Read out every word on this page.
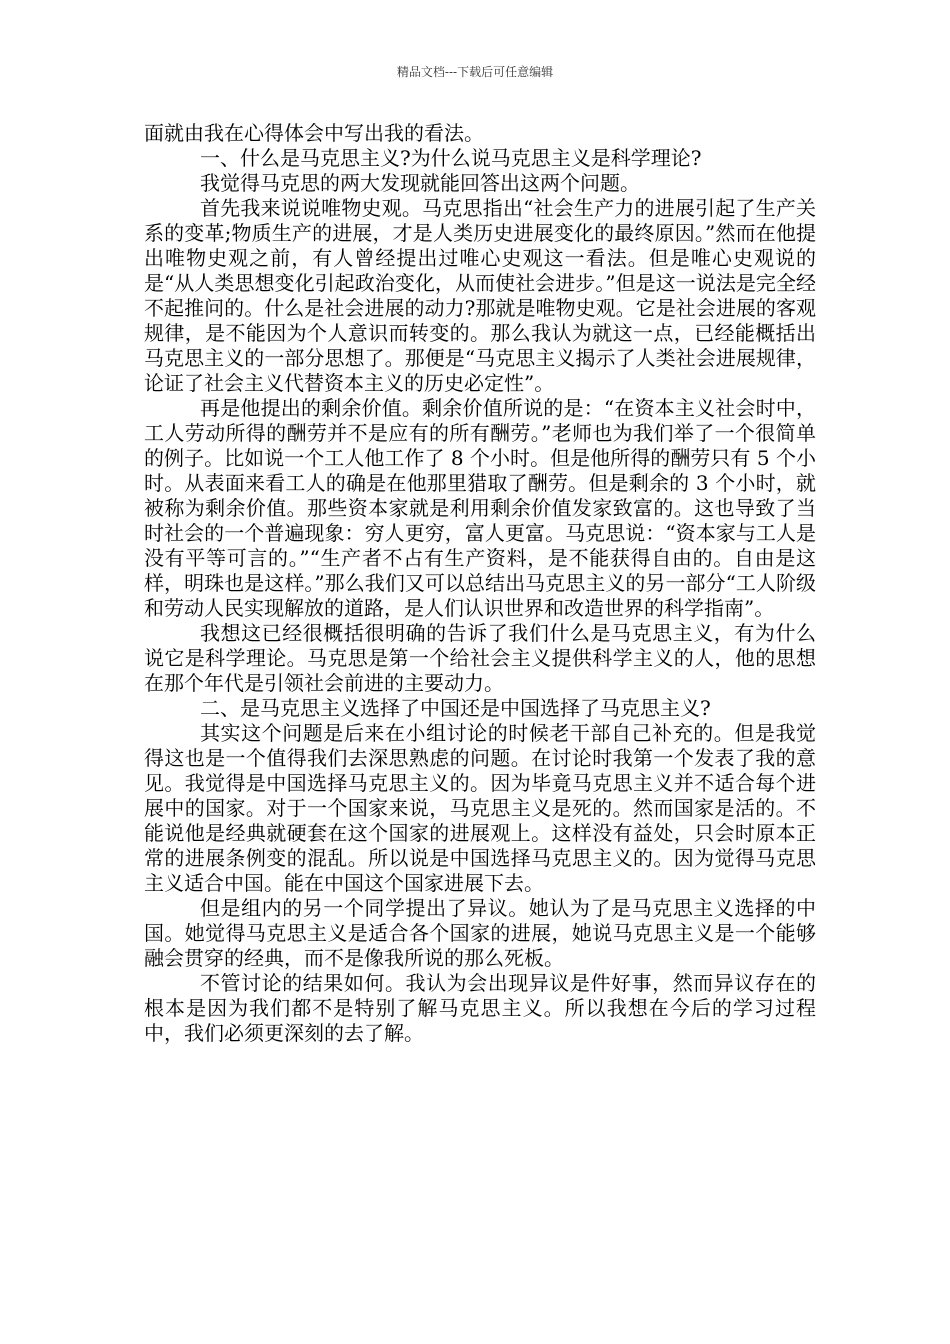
精品文档---下载后可任意编辑

面就由我在心得体会中写出我的看法。

一、什么是马克思主义?为什么说马克思主义是科学理论?

我觉得马克思的两大发现就能回答出这两个问题。

首先我来说说唯物史观。马克思指出“社会生产力的进展引起了生产关系的变革;物质生产的进展，才是人类历史进展变化的最终原因。”然而在他提出唯物史观之前，有人曾经提出过唯心史观这一看法。但是唯心史观说的是“从人类思想变化引起政治变化，从而使社会进步。”但是这一说法是完全经不起推问的。什么是社会进展的动力?那就是唯物史观。它是社会进展的客观规律，是不能因为个人意识而转变的。那么我认为就这一点，已经能概括出马克思主义的一部分思想了。那便是“马克思主义揭示了人类社会进展规律，论证了社会主义代替资本主义的历史必定性”。

再是他提出的剩余价值。剩余价值所说的是：“在资本主义社会时中，工人劳动所得的酬劳并不是应有的所有酬劳。”老师也为我们举了一个很简单的例子。比如说一个工人他工作了 8 个小时。但是他所得的酬劳只有 5 个小时。从表面来看工人的确是在他那里猎取了酬劳。但是剩余的 3 个小时，就被称为剩余价值。那些资本家就是利用剩余价值发家致富的。这也导致了当时社会的一个普遍现象：穷人更穷，富人更富。马克思说：“资本家与工人是没有平等可言的。”“生产者不占有生产资料，是不能获得自由的。自由是这样，明珠也是这样。”那么我们又可以总结出马克思主义的另一部分“工人阶级和劳动人民实现解放的道路，是人们认识世界和改造世界的科学指南”。

我想这已经很概括很明确的告诉了我们什么是马克思主义，有为什么说它是科学理论。马克思是第一个给社会主义提供科学主义的人，他的思想在那个年代是引领社会前进的主要动力。

二、是马克思主义选择了中国还是中国选择了马克思主义?

其实这个问题是后来在小组讨论的时候老干部自己补充的。但是我觉得这也是一个值得我们去深思熟虑的问题。在讨论时我第一个发表了我的意见。我觉得是中国选择马克思主义的。因为毕竟马克思主义并不适合每个进展中的国家。对于一个国家来说，马克思主义是死的。然而国家是活的。不能说他是经典就硬套在这个国家的进展观上。这样没有益处，只会时原本正常的进展条例变的混乱。所以说是中国选择马克思主义的。因为觉得马克思主义适合中国。能在中国这个国家进展下去。

但是组内的另一个同学提出了异议。她认为了是马克思主义选择的中国。她觉得马克思主义是适合各个国家的进展，她说马克思主义是一个能够融会贯穿的经典，而不是像我所说的那么死板。

不管讨论的结果如何。我认为会出现异议是件好事，然而异议存在的根本是因为我们都不是特别了解马克思主义。所以我想在今后的学习过程中，我们必须更深刻的去了解。
